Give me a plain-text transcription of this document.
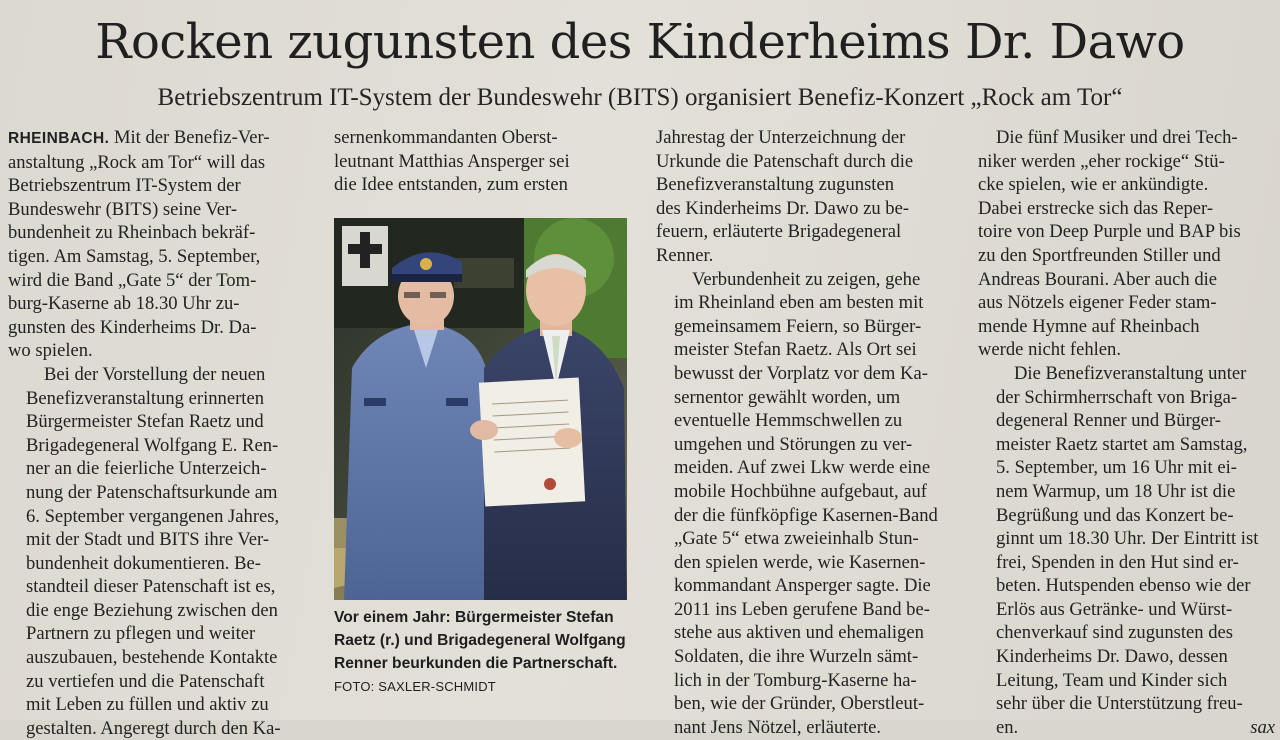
Rocken zugunsten des Kinderheims Dr. Dawo
Betriebszentrum IT-System der Bundeswehr (BITS) organisiert Benefiz-Konzert „Rock am Tor“

RHEINBACH. Mit der Benefiz-Ver-
anstaltung „Rock am Tor“ will das
Betriebszentrum IT-System der
Bundeswehr (BITS) seine Ver-
bundenheit zu Rheinbach bekräf-
tigen. Am Samstag, 5. September,
wird die Band „Gate 5“ der Tom-
burg-Kaserne ab 18.30 Uhr zu-
gunsten des Kinderheims Dr. Da-
wo spielen.

Bei der Vorstellung der neuen
Benefizveranstaltung erinnerten
Bürgermeister Stefan Raetz und
Brigadegeneral Wolfgang E. Ren-
ner an die feierliche Unterzeich-
nung der Patenschaftsurkunde am
6. September vergangenen Jahres,
mit der Stadt und BITS ihre Ver-
bundenheit dokumentieren. Be-
standteil dieser Patenschaft ist es,
die enge Beziehung zwischen den
Partnern zu pflegen und weiter
auszubauen, bestehende Kontakte
zu vertiefen und die Patenschaft
mit Leben zu füllen und aktiv zu
gestalten. Angeregt durch den Ka-

sernenkommandanten Oberst-
leutnant Matthias Ansperger sei
die Idee entstanden, zum ersten

Vor einem Jahr: Bürgermeister Stefan Raetz (r.) und Brigadegeneral Wolfgang Renner beurkunden die Partnerschaft. FOTO: SAXLER-SCHMIDT

Jahrestag der Unterzeichnung der
Urkunde die Patenschaft durch die
Benefizveranstaltung zugunsten
des Kinderheims Dr. Dawo zu be-
feuern, erläuterte Brigadegeneral
Renner.

Verbundenheit zu zeigen, gehe
im Rheinland eben am besten mit
gemeinsamem Feiern, so Bürger-
meister Stefan Raetz. Als Ort sei
bewusst der Vorplatz vor dem Ka-
sernentor gewählt worden, um
eventuelle Hemmschwellen zu
umgehen und Störungen zu ver-
meiden. Auf zwei Lkw werde eine
mobile Hochbühne aufgebaut, auf
der die fünfköpfige Kasernen-Band
„Gate 5“ etwa zweieinhalb Stun-
den spielen werde, wie Kasernen-
kommandant Ansperger sagte. Die
2011 ins Leben gerufene Band be-
stehe aus aktiven und ehemaligen
Soldaten, die ihre Wurzeln sämt-
lich in der Tomburg-Kaserne ha-
ben, wie der Gründer, Oberstleut-
nant Jens Nötzel, erläuterte.

Die fünf Musiker und drei Tech-
niker werden „eher rockige“ Stü-
cke spielen, wie er ankündigte.
Dabei erstrecke sich das Reper-
toire von Deep Purple und BAP bis
zu den Sportfreunden Stiller und
Andreas Bourani. Aber auch die
aus Nötzels eigener Feder stam-
mende Hymne auf Rheinbach
werde nicht fehlen.

Die Benefizveranstaltung unter
der Schirmherrschaft von Briga-
degeneral Renner und Bürger-
meister Raetz startet am Samstag,
5. September, um 16 Uhr mit ei-
nem Warmup, um 18 Uhr ist die
Begrüßung und das Konzert be-
ginnt um 18.30 Uhr. Der Eintritt ist
frei, Spenden in den Hut sind er-
beten. Hutspenden ebenso wie der
Erlös aus Getränke- und Würst-
chenverkauf sind zugunsten des
Kinderheims Dr. Dawo, dessen
Leitung, Team und Kinder sich
sehr über die Unterstützung freu-
en.	sax
